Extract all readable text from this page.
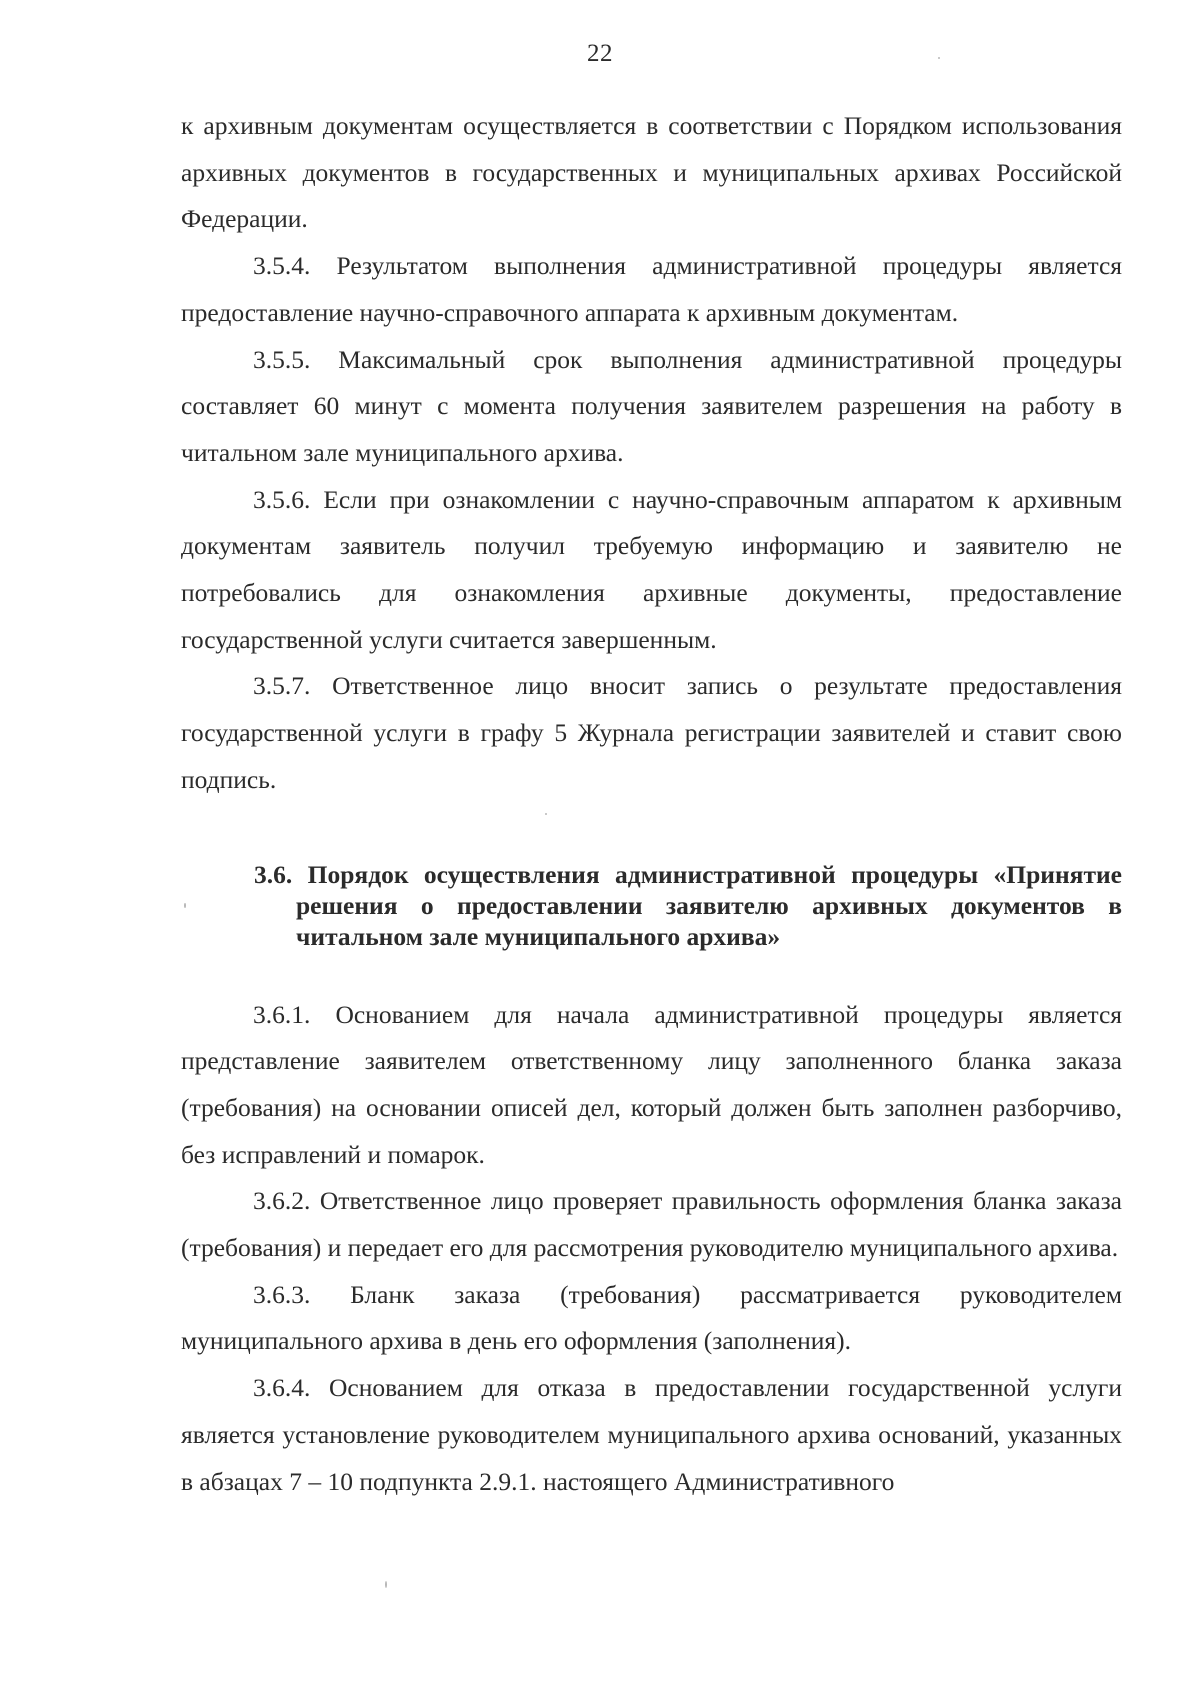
22

к архивным документам осуществляется в соответствии с Порядком использования архивных документов в государственных и муниципальных архивах Российской Федерации.

3.5.4. Результатом выполнения административной процедуры является предоставление научно-справочного аппарата к архивным документам.

3.5.5. Максимальный срок выполнения административной процедуры составляет 60 минут с момента получения заявителем разрешения на работу в читальном зале муниципального архива.

3.5.6. Если при ознакомлении с научно-справочным аппаратом к архивным документам заявитель получил требуемую информацию и заявителю не потребовались для ознакомления архивные документы, предоставление государственной услуги считается завершенным.

3.5.7. Ответственное лицо вносит запись о результате предоставления государственной услуги в графу 5 Журнала регистрации заявителей и ставит свою подпись.

3.6. Порядок осуществления административной процедуры «Принятие решения о предоставлении заявителю архивных документов в читальном зале муниципального архива»

3.6.1. Основанием для начала административной процедуры является представление заявителем ответственному лицу заполненного бланка заказа (требования) на основании описей дел, который должен быть заполнен разборчиво, без исправлений и помарок.

3.6.2. Ответственное лицо проверяет правильность оформления бланка заказа (требования) и передает его для рассмотрения руководителю муниципального архива.

3.6.3. Бланк заказа (требования) рассматривается руководителем муниципального архива в день его оформления (заполнения).

3.6.4. Основанием для отказа в предоставлении государственной услуги является установление руководителем муниципального архива оснований, указанных в абзацах 7 – 10 подпункта 2.9.1. настоящего Административного
